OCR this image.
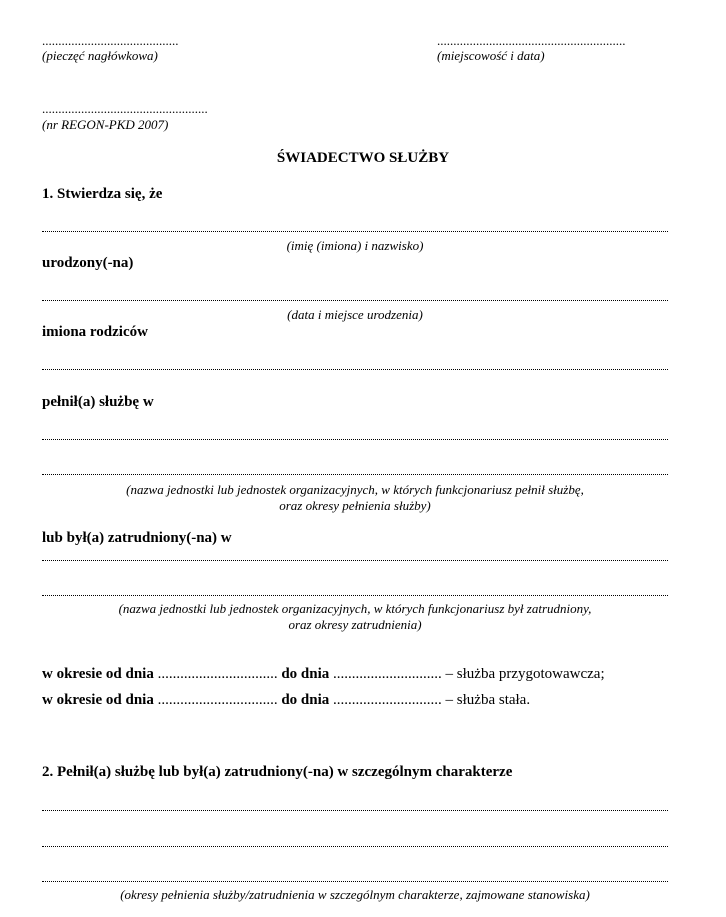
..........................................
(pieczęć nagłówkowa)
..........................................................
(miejscowość i data)
...................................................
(nr REGON-PKD 2007)
ŚWIADECTWO SŁUŻBY
1. Stwierdza się, że
(imię (imiona) i nazwisko)
urodzony(-na)
(data i miejsce urodzenia)
imiona rodziców
pełnił(a) służbę w
(nazwa jednostki lub jednostek organizacyjnych, w których funkcjonariusz pełnił służbę,
oraz okresy pełnienia służby)
lub był(a) zatrudniony(-na) w
(nazwa jednostki lub jednostek organizacyjnych, w których funkcjonariusz był zatrudniony,
oraz okresy zatrudnienia)
w okresie od dnia ................................ do dnia ............................. – służba przygotowawcza;
w okresie od dnia ................................ do dnia ............................. – służba stała.
2. Pełnił(a) służbę lub był(a) zatrudniony(-na) w szczególnym charakterze
(okresy pełnienia służby/zatrudnienia w szczególnym charakterze, zajmowane stanowiska)
